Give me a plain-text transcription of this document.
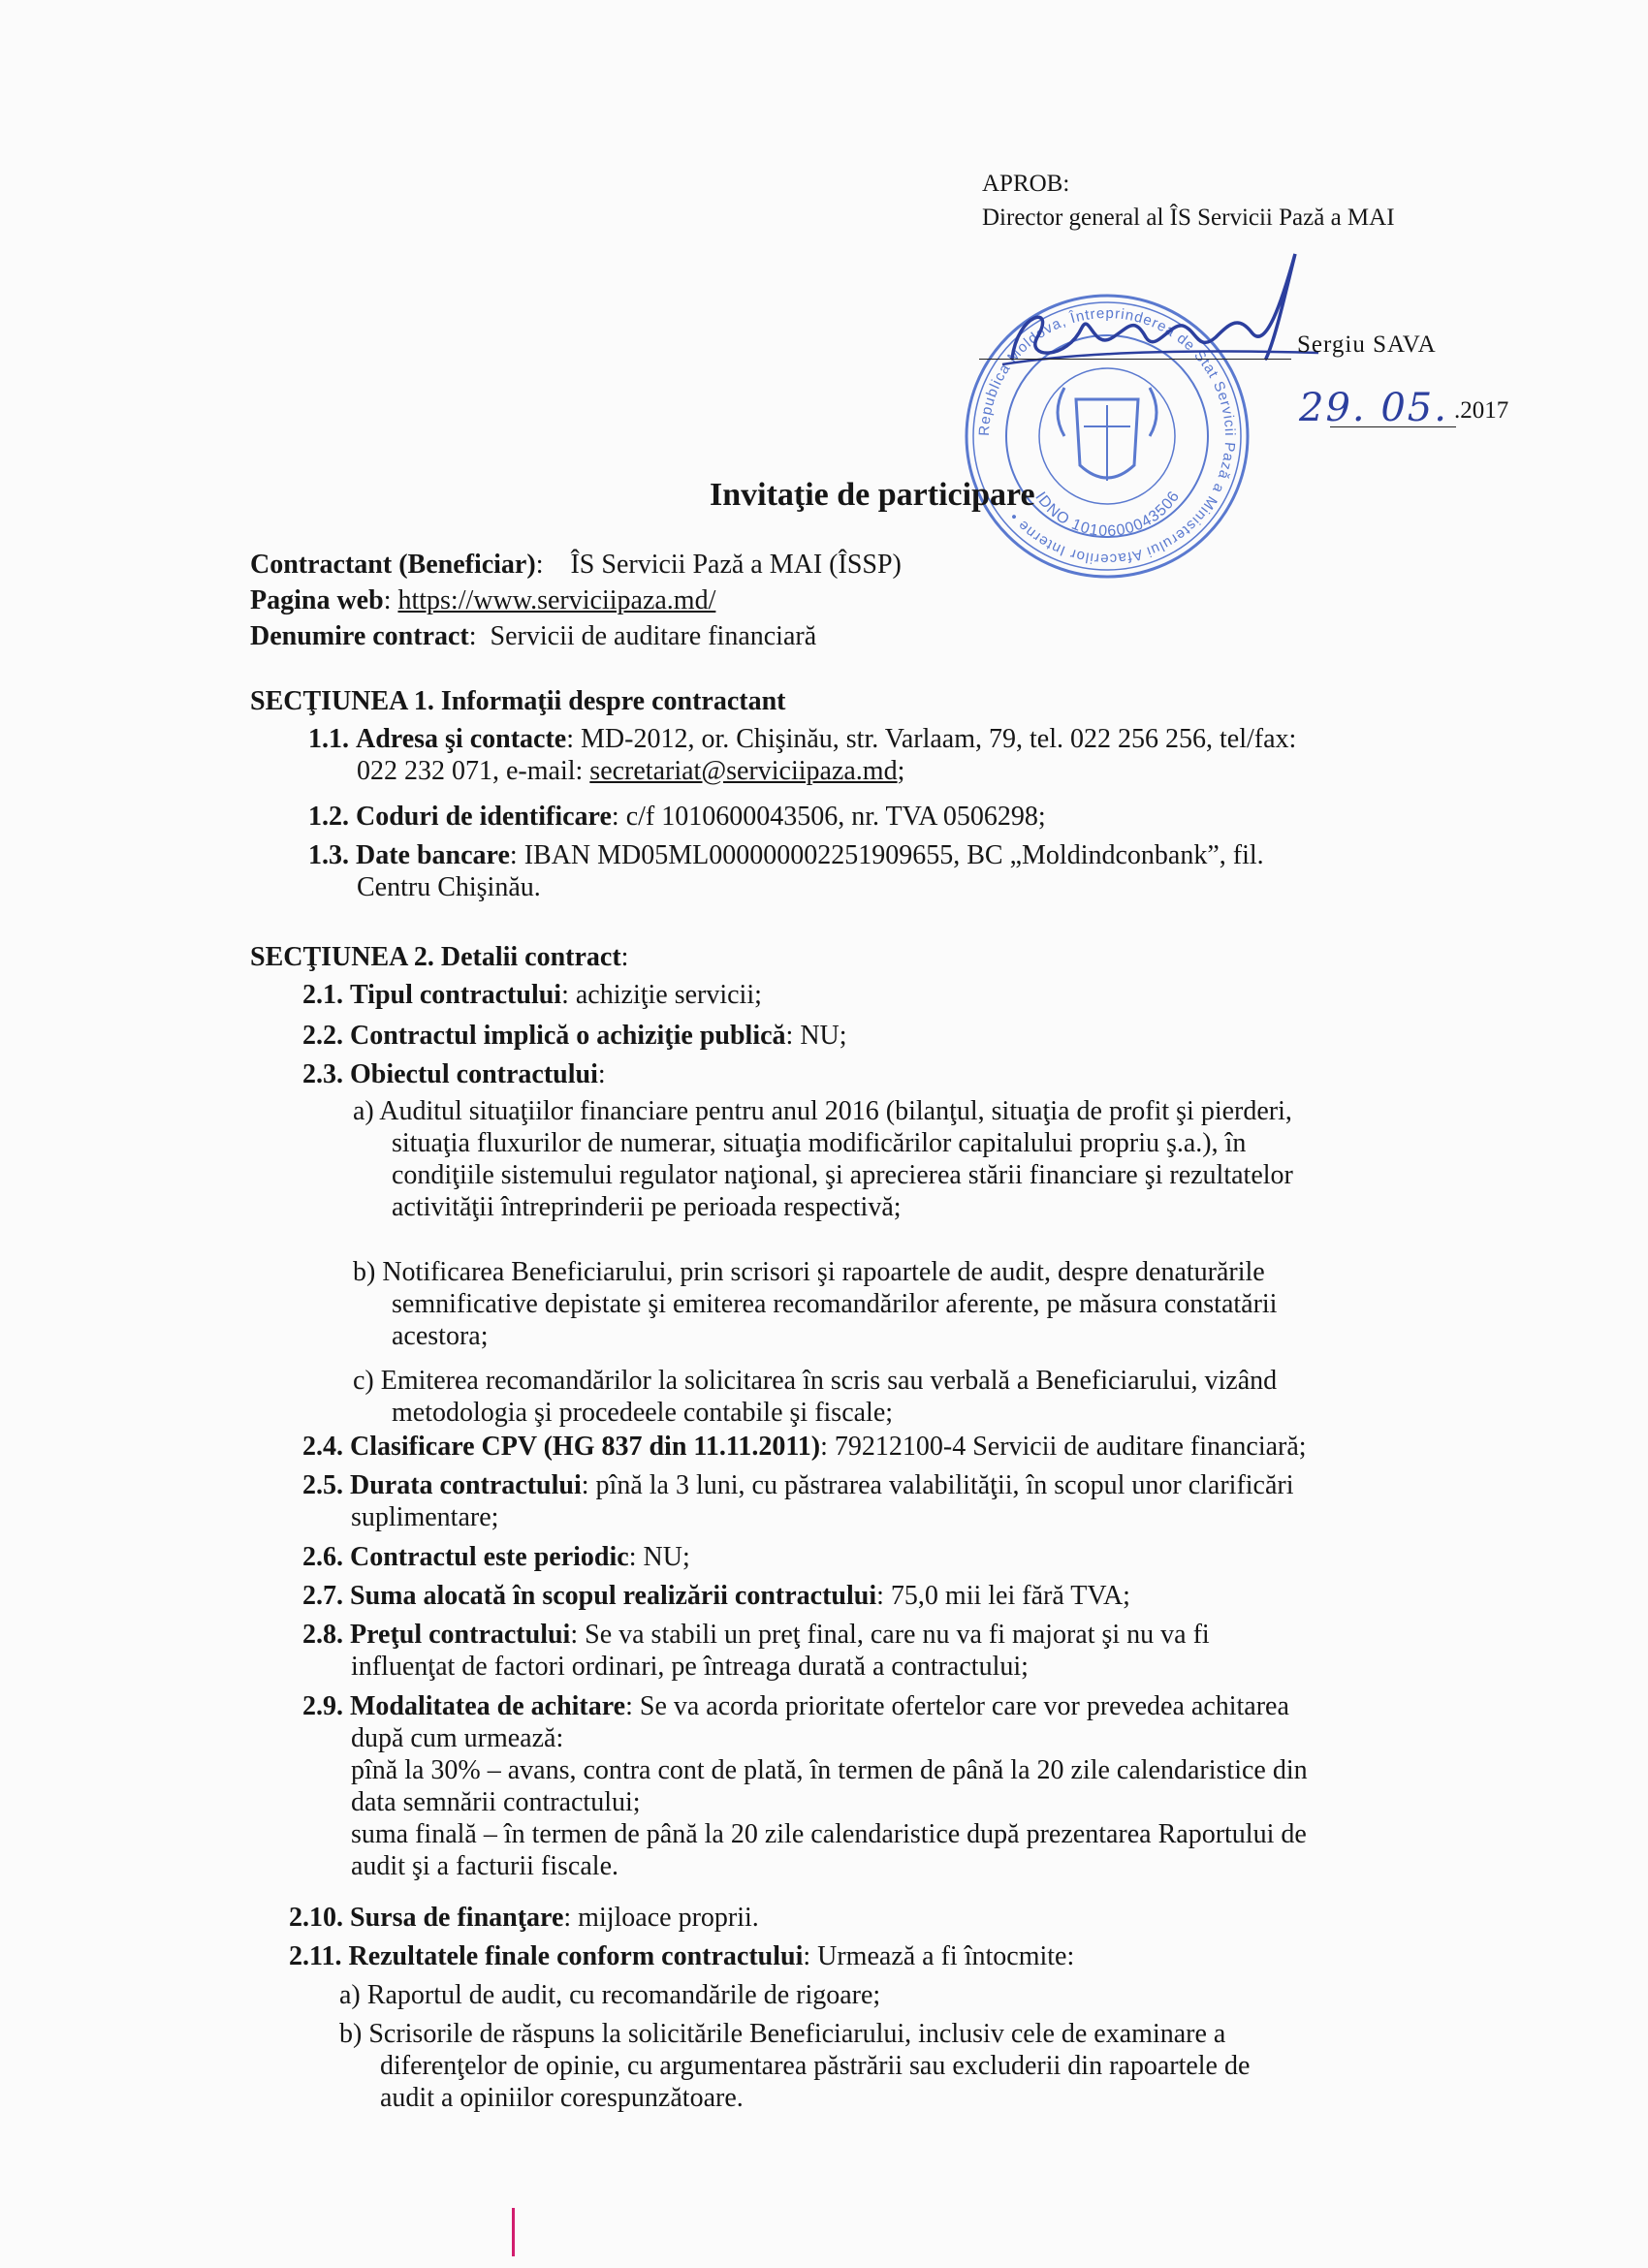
APROB:
Director general al ÎS Servicii Pază a MAI
Republica Moldova, Întreprinderea de Stat Servicii Pază a Ministerului Afacerilor Interne •
IDNO 1010600043506
Sergiu SAVA
29. 05. .2017
Invitaţie de participare
Contractant (Beneficiar):    ÎS Servicii Pază a MAI (ÎSSP)
Pagina web: https://www.serviciipaza.md/
Denumire contract:  Servicii de auditare financiară
SECŢIUNEA 1. Informaţii despre contractant
1.1. Adresa şi contacte: MD-2012, or. Chişinău, str. Varlaam, 79, tel. 022 256 256, tel/fax:
022 232 071, e-mail: secretariat@serviciipaza.md;
1.2. Coduri de identificare: c/f 1010600043506, nr. TVA 0506298;
1.3. Date bancare: IBAN MD05ML000000002251909655, BC „Moldindconbank”, fil.
Centru Chişinău.
SECŢIUNEA 2. Detalii contract:
2.1. Tipul contractului: achiziţie servicii;
2.2. Contractul implică o achiziţie publică: NU;
2.3. Obiectul contractului:
a) Auditul situaţiilor financiare pentru anul 2016 (bilanţul, situaţia de profit şi pierderi,
situaţia fluxurilor de numerar, situaţia modificărilor capitalului propriu ş.a.), în
condiţiile sistemului regulator naţional, şi aprecierea stării financiare şi rezultatelor
activităţii întreprinderii pe perioada respectivă;
b) Notificarea Beneficiarului, prin scrisori şi rapoartele de audit, despre denaturările
semnificative depistate şi emiterea recomandărilor aferente, pe măsura constatării
acestora;
c) Emiterea recomandărilor la solicitarea în scris sau verbală a Beneficiarului, vizând
metodologia şi procedeele contabile şi fiscale;
2.4. Clasificare CPV (HG 837 din 11.11.2011): 79212100-4 Servicii de auditare financiară;
2.5. Durata contractului: pînă la 3 luni, cu păstrarea valabilităţii, în scopul unor clarificări
suplimentare;
2.6. Contractul este periodic: NU;
2.7. Suma alocată în scopul realizării contractului: 75,0 mii lei fără TVA;
2.8. Preţul contractului: Se va stabili un preţ final, care nu va fi majorat şi nu va fi
influenţat de factori ordinari, pe întreaga durată a contractului;
2.9. Modalitatea de achitare: Se va acorda prioritate ofertelor care vor prevedea achitarea
după cum urmează:
pînă la 30% – avans, contra cont de plată, în termen de până la 20 zile calendaristice din
data semnării contractului;
suma finală – în termen de până la 20 zile calendaristice după prezentarea Raportului de
audit şi a facturii fiscale.
2.10. Sursa de finanţare: mijloace proprii.
2.11. Rezultatele finale conform contractului: Urmează a fi întocmite:
a) Raportul de audit, cu recomandările de rigoare;
b) Scrisorile de răspuns la solicitările Beneficiarului, inclusiv cele de examinare a
diferenţelor de opinie, cu argumentarea păstrării sau excluderii din rapoartele de
audit a opiniilor corespunzătoare.
